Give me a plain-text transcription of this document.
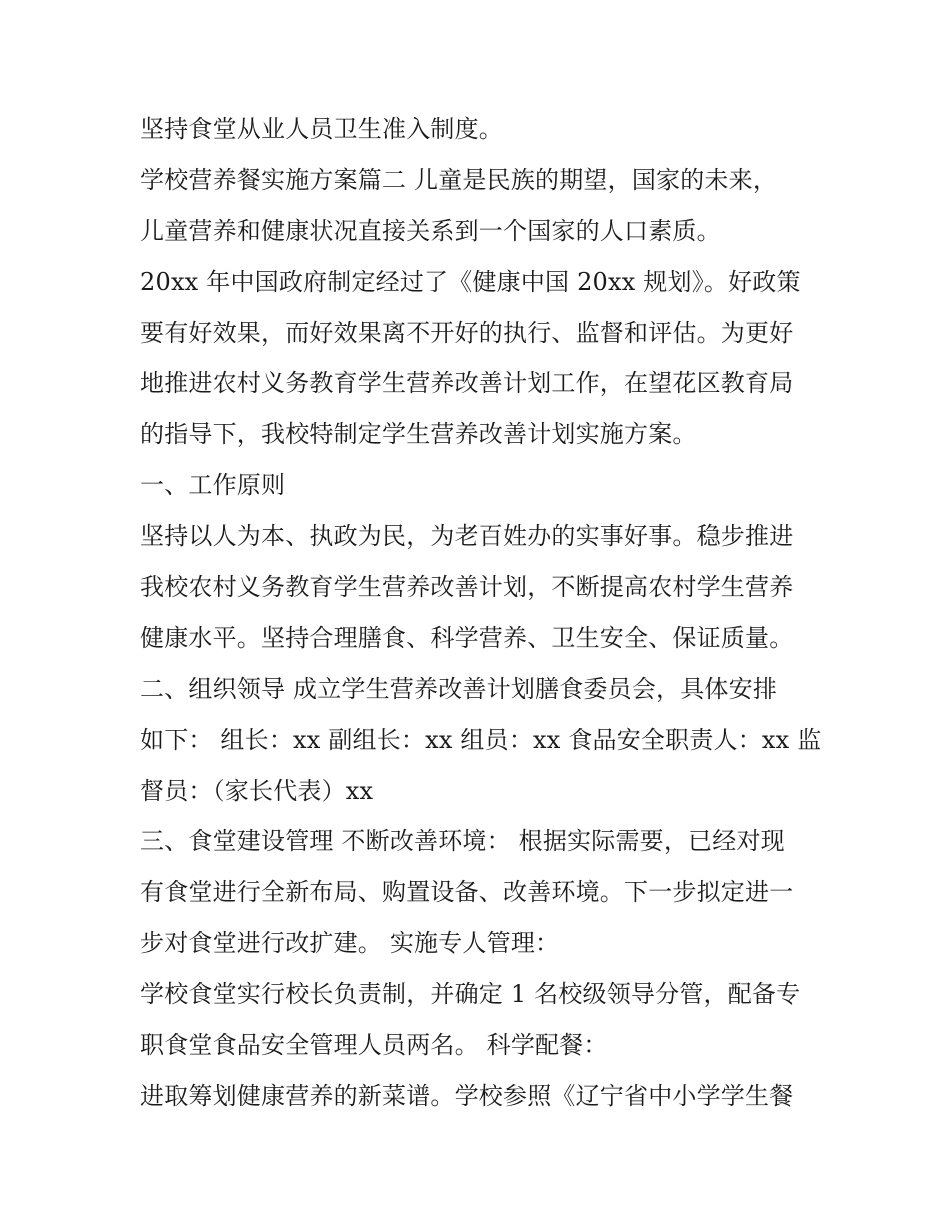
坚持食堂从业人员卫生准入制度。
学校营养餐实施方案篇二 儿童是民族的期望，国家的未来，
儿童营养和健康状况直接关系到一个国家的人口素质。
20xx 年中国政府制定经过了《健康中国 20xx 规划》。好政策
要有好效果，而好效果离不开好的执行、监督和评估。为更好
地推进农村义务教育学生营养改善计划工作，在望花区教育局
的指导下，我校特制定学生营养改善计划实施方案。
一、工作原则
坚持以人为本、执政为民，为老百姓办的实事好事。稳步推进
我校农村义务教育学生营养改善计划，不断提高农村学生营养
健康水平。坚持合理膳食、科学营养、卫生安全、保证质量。
二、组织领导 成立学生营养改善计划膳食委员会，具体安排
如下： 组长：xx 副组长：xx 组员：xx 食品安全职责人：xx 监
督员：（家长代表）xx
三、食堂建设管理 不断改善环境： 根据实际需要，已经对现
有食堂进行全新布局、购置设备、改善环境。下一步拟定进一
步对食堂进行改扩建。 实施专人管理：
学校食堂实行校长负责制，并确定 1 名校级领导分管，配备专
职食堂食品安全管理人员两名。 科学配餐：
进取筹划健康营养的新菜谱。学校参照《辽宁省中小学学生餐
